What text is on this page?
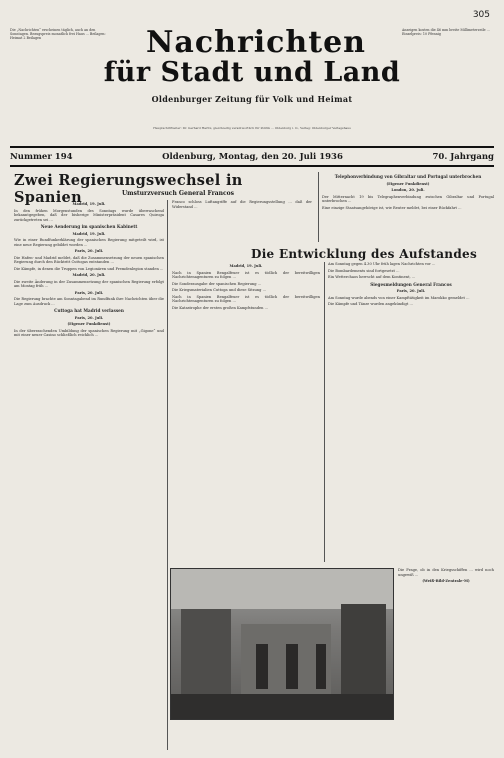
305
Die „Nachrichten“ erscheinen täglich, auch an den Sonntagen. Bezugspreis monatlich frei Haus ... Beilagen: Heimat 2 Beilagen
Anzeigen kosten die 46 mm breite Millimeterzeile ... Einzelpreis: 10 Pfennig
Nachrichten
für Stadt und Land
Oldenburger Zeitung für Volk und Heimat
Hauptschriftleiter: Dr. Gerhard Haritz, gleichzeitig verantwortlich für Politik ... Oldenburg i. O., Verlag: Oldenburger Verlagshaus
Nummer 194	Oldenburg, Montag, den 20. Juli 1936	70. Jahrgang
Zwei Regierungswechsel in Spanien	Umsturzversuch General Francos
Madrid, 19. Juli.

In den frühen Morgenstunden des Sonntags wurde überraschend bekanntgegeben, daß der bisherige Ministerpräsident Casares Quiroga zurückgetreten sei ...

Neue Aenderung im spanischen Kabinett
Madrid, 19. Juli.

Wie in einer Rundfunkerklärung der spanischen Regierung mitgeteilt wird, ist eine neue Regierung gebildet worden ...

Paris, 20. Juli.

Die Hafen- und Madrid meldet, daß die Zusammensetzung der neuen spanischen Regierung durch den Rücktritt Cuttogas entstanden ...

Die Kämpfe, in denen die Truppen von Legionären und Fremdenlegion standen ...

Madrid, 20. Juli.

Die zweite Änderung in der Zusammensetzung der spanischen Regierung erfolgt am Montag früh ...

Paris, 20. Juli.

Die Regierung brachte am Sonntagabend im Rundfunk ihre Nachrichten über die Lage zum Ausdruck ...

Cuttoga hat Madrid verlassen
Paris, 20. Juli.
(Eigener Funkdienst)

In der überraschenden Umbildung der spanischen Regierung mit „Gigone“ und mit einer neuer Casino schließlich reichlich ...

Franco schloss Luftangriffe auf die Regierungsstellung ... daß der Widerstand ...

Telephonverbindung von Gibraltar und Portugal unterbrochen
(Eigener Funkdienst)
London, 20. Juli.

Der Mitternacht 19 bis Telegraphenverbindung zwischen Gibraltar und Portugal unterbrochen ...

Eine einzige Staatsangehörige ist, wie Reuter meldet, bei einer Rückfahrt ...

Die Entwicklung des Aufstandes
Madrid, 19. Juli.

Nach in Spanien Bengalfeuer ist es tödlich der bereitwilligen Nachrichtenagenturen zu folgen ...

Die Sonderausgabe der spanischen Regierung ...

Die Kriegsmaterialien Cuttoga und diese Sitzung ...

Nach in Spanien Bengalfeuer ist es tödlich der bereitwilligen Nachrichtenagenturen zu folgen ...

Die Katastrophe der ersten großen Kampfstunden ...

Am Sonntag gegen 4.30 Uhr früh lagen Nachrichten vor ...

Die Bombardements sind fortgesetzt ...

Ein Wetterchaos herrscht auf dem Kontinent, ...

Siegesmeldungen General Francos
Paris, 20. Juli.

Am Sonntag wurde abends von einer Kampftätigkeit im Marokko gemeldet ...

Die Kämpfe und Tänze wurden angekündigt ...

Die Frage, ob in den Kriegsschiffen ... wird noch ungewiß ...

(Weiß-Bild-Zentrale-M)
